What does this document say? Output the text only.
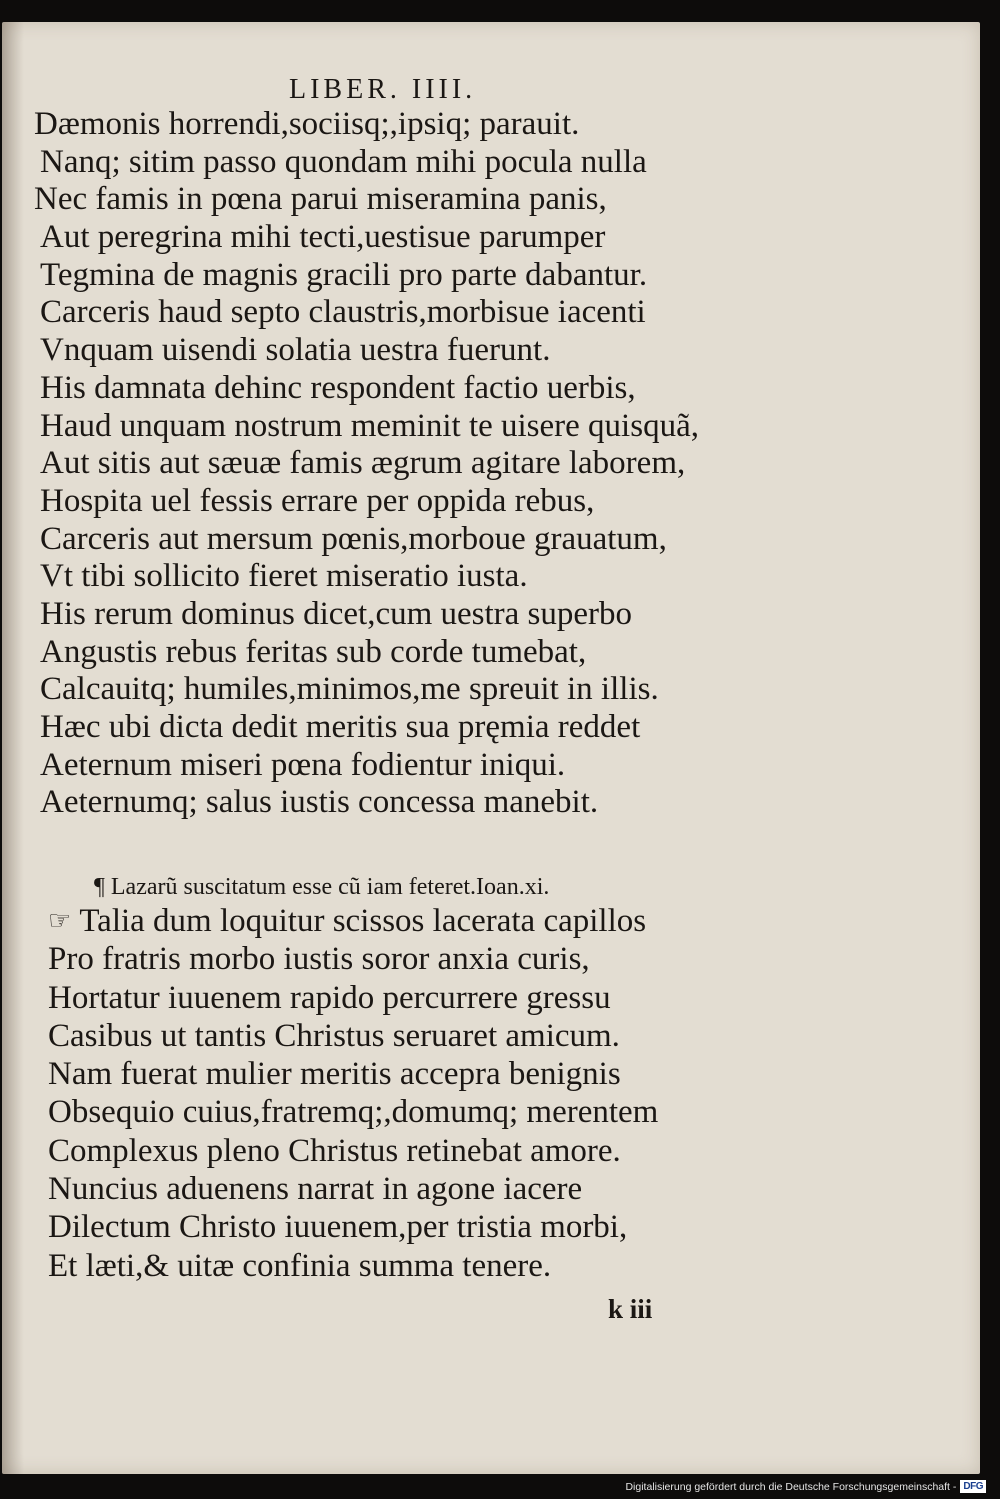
LIBER. IIII.
Dæmonis horrendi,sociisq;,ipsiq; parauit.
Nanq; sitim passo quondam mihi pocula nulla
Nec famis in pœna parui miseramina panis,
Aut peregrina mihi tecti,uestisue parumper
Tegmina de magnis gracili pro parte dabantur.
Carceris haud septo claustris,morbisue iacenti
Vnquam uisendi solatia uestra fuerunt.
His damnata dehinc respondent factio uerbis,
Haud unquam nostrum meminit te uisere quisquã,
Aut sitis aut sæuæ famis ægrum agitare laborem,
Hospita uel fessis errare per oppida rebus,
Carceris aut mersum pœnis,morboue grauatum,
Vt tibi sollicito fieret miseratio iusta.
His rerum dominus dicet,cum uestra superbo
Angustis rebus feritas sub corde tumebat,
Calcauitq; humiles,minimos,me spreuit in illis.
Hæc ubi dicta dedit meritis sua pręmia reddet
Aeternum miseri pœna fodientur iniqui.
Aeternumq; salus iustis concessa manebit.
¶ Lazarũ suscitatum esse cũ iam feteret.Ioan.xi.
☞ Talia dum loquitur scissos lacerata capillos
Pro fratris morbo iustis soror anxia curis,
Hortatur iuuenem rapido percurrere gressu
Casibus ut tantis Christus seruaret amicum.
Nam fuerat mulier meritis accepra benignis
Obsequio cuius,fratremq;,domumq; merentem
Complexus pleno Christus retinebat amore.
Nuncius aduenens narrat in agone iacere
Dilectum Christo iuuenem,per tristia morbi,
Et læti,& uitæ confinia summa tenere.
k iii
Digitalisierung gefördert durch die Deutsche Forschungsgemeinschaft - DFG
